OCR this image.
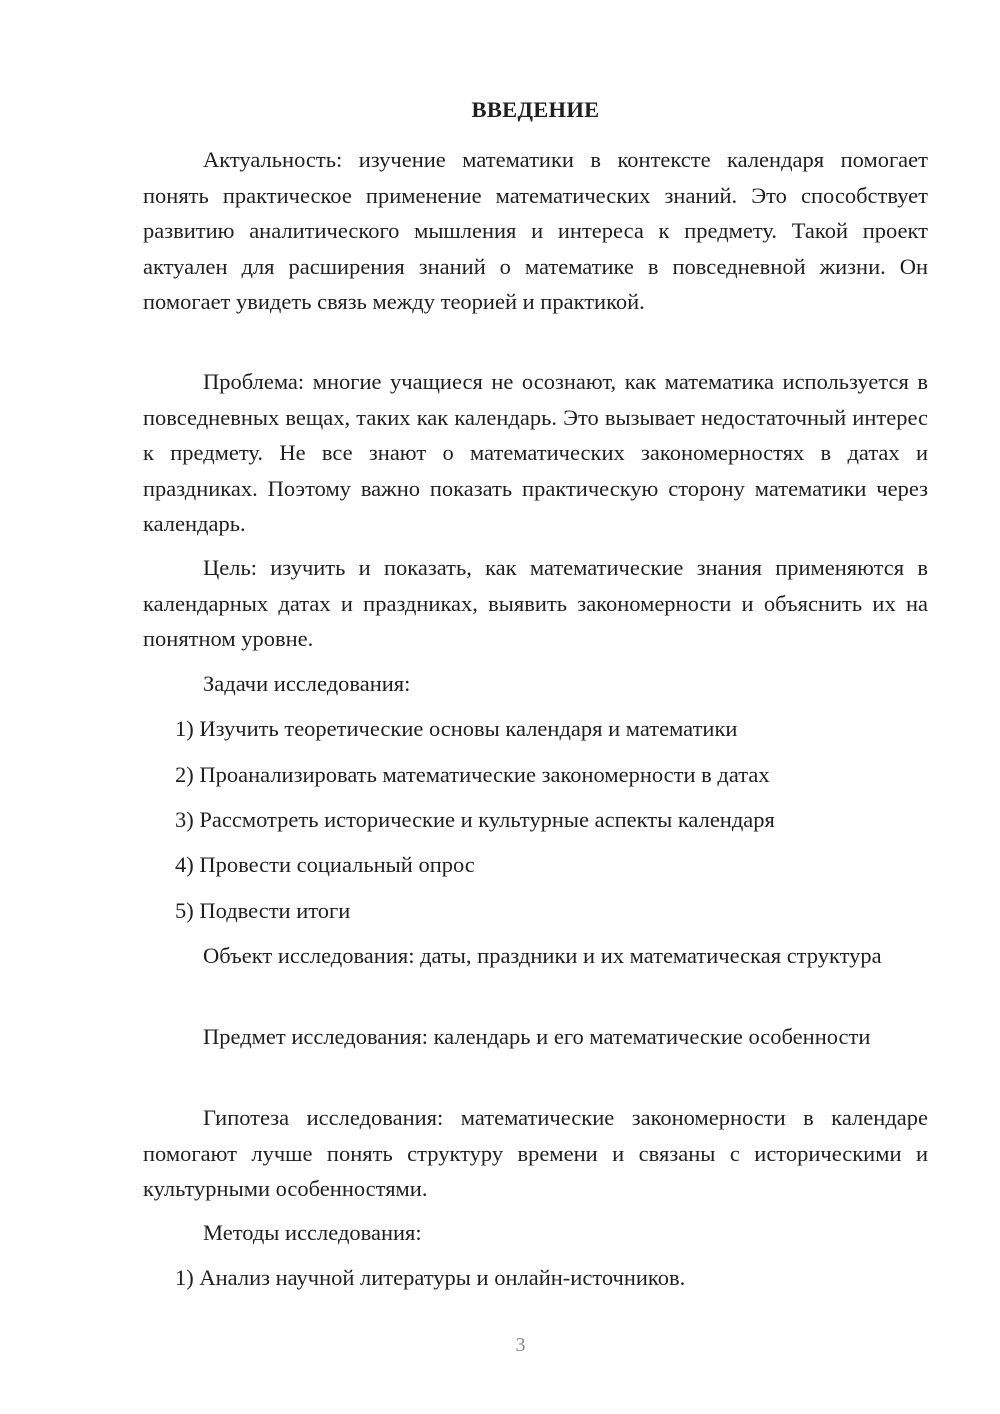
ВВЕДЕНИЕ

Актуальность: изучение математики в контексте календаря помогает понять практическое применение математических знаний. Это способствует развитию аналитического мышления и интереса к предмету. Такой проект актуален для расширения знаний о математике в повседневной жизни. Он помогает увидеть связь между теорией и практикой.

Проблема: многие учащиеся не осознают, как математика используется в повседневных вещах, таких как календарь. Это вызывает недостаточный интерес к предмету. Не все знают о математических закономерностях в датах и праздниках. Поэтому важно показать практическую сторону математики через календарь.

Цель: изучить и показать, как математические знания применяются в календарных датах и праздниках, выявить закономерности и объяснить их на понятном уровне.

Задачи исследования:

1) Изучить теоретические основы календаря и математики

2) Проанализировать математические закономерности в датах

3) Рассмотреть исторические и культурные аспекты календаря

4) Провести социальный опрос

5) Подвести итоги

Объект исследования: даты, праздники и их математическая структура

Предмет исследования: календарь и его математические особенности

Гипотеза исследования: математические закономерности в календаре помогают лучше понять структуру времени и связаны с историческими и культурными особенностями.

Методы исследования:

1) Анализ научной литературы и онлайн-источников.

3
